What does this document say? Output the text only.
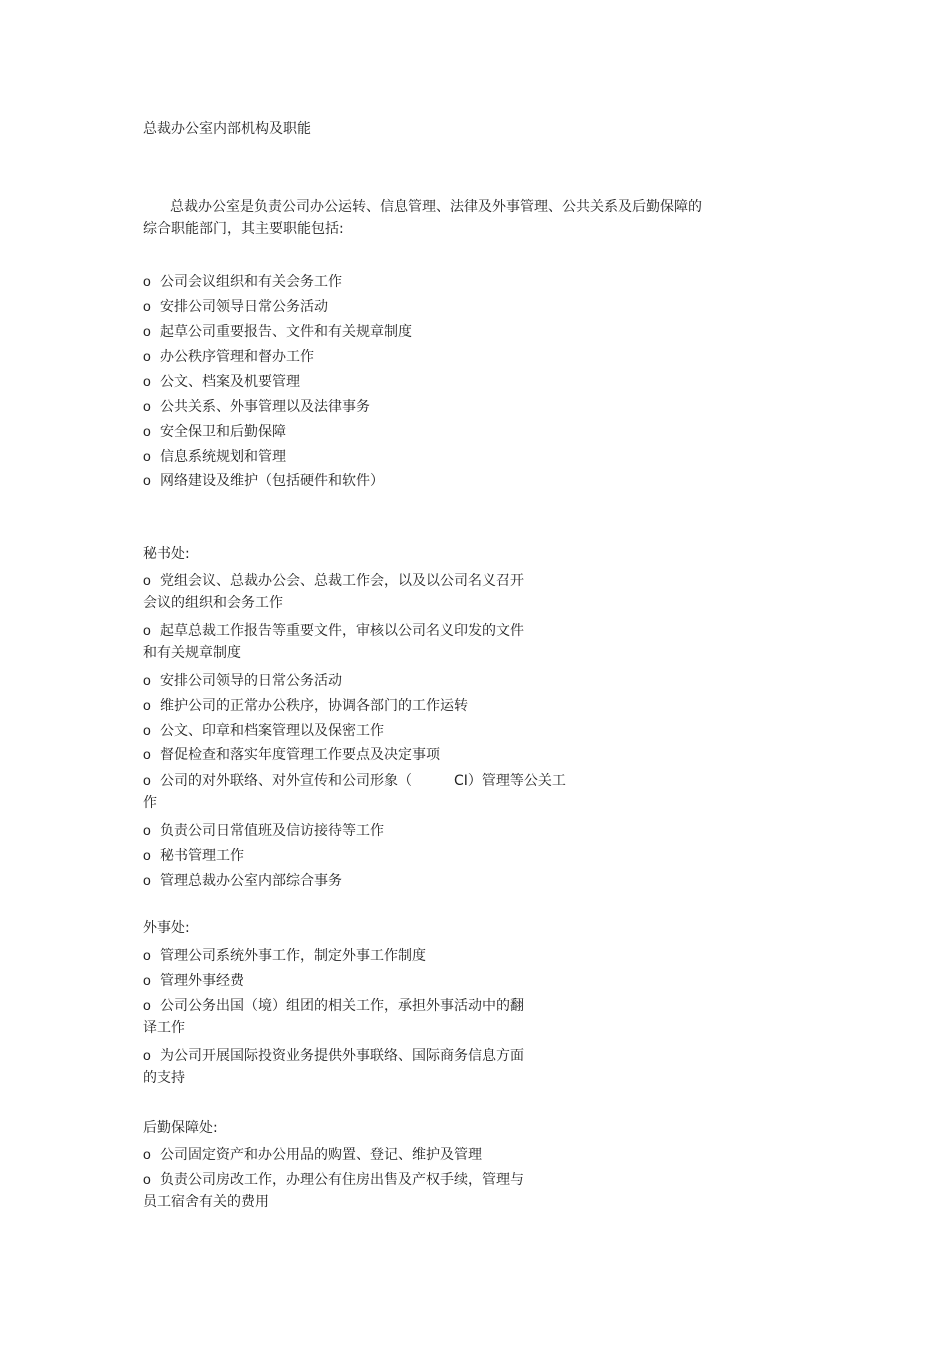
总裁办公室内部机构及职能
总裁办公室是负责公司办公运转、信息管理、法律及外事管理、公共关系及后勤保障的
综合职能部门，其主要职能包括:
o 公司会议组织和有关会务工作
o 安排公司领导日常公务活动
o 起草公司重要报告、文件和有关规章制度
o 办公秩序管理和督办工作
o 公文、档案及机要管理
o 公共关系、外事管理以及法律事务
o 安全保卫和后勤保障
o 信息系统规划和管理
o 网络建设及维护（包括硬件和软件）
秘书处:
o 党组会议、总裁办公会、总裁工作会，以及以公司名义召开
会议的组织和会务工作
o 起草总裁工作报告等重要文件，审核以公司名义印发的文件
和有关规章制度
o 安排公司领导的日常公务活动
o 维护公司的正常办公秩序，协调各部门的工作运转
o 公文、印章和档案管理以及保密工作
o 督促检查和落实年度管理工作要点及决定事项
o 公司的对外联络、对外宣传和公司形象（	CI）管理等公关工
作
o 负责公司日常值班及信访接待等工作
o 秘书管理工作
o 管理总裁办公室内部综合事务
外事处:
o 管理公司系统外事工作，制定外事工作制度
o 管理外事经费
o 公司公务出国（境）组团的相关工作，承担外事活动中的翻
译工作
o 为公司开展国际投资业务提供外事联络、国际商务信息方面
的支持
后勤保障处:
o 公司固定资产和办公用品的购置、登记、维护及管理
o 负责公司房改工作，办理公有住房出售及产权手续，管理与
员工宿舍有关的费用
